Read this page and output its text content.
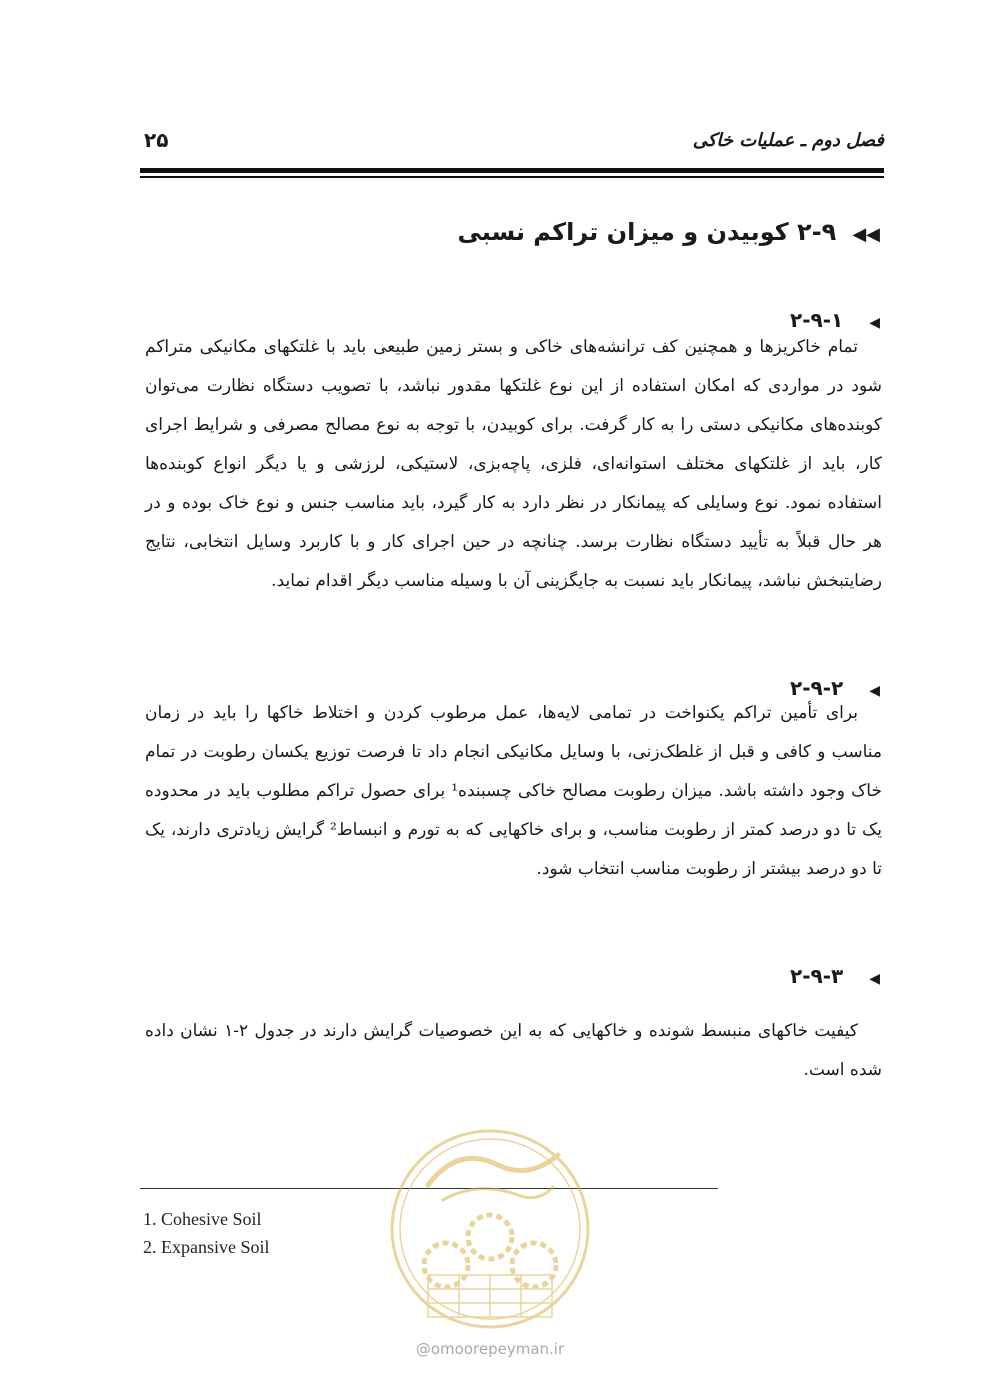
فصل دوم ـ عملیات خاکی
۲۵
◀◀۲-۹ کوبیدن و میزان تراکم نسبی
◀۲-۹-۱

تمام خاکریزها و همچنین کف ترانشه‌های خاکی و بستر زمین طبیعی باید با غلتکهای مکانیکی متراکم شود در مواردی که امکان استفاده از این نوع غلتکها مقدور نباشد، با تصویب دستگاه نظارت می‌توان کوبنده‌های مکانیکی دستی را به کار گرفت. برای کوبیدن، با توجه به نوع مصالح مصرفی و شرایط اجرای کار، باید از غلتکهای مختلف استوانه‌ای، فلزی، پاچه‌بزی، لاستیکی، لرزشی و یا دیگر انواع کوبنده‌ها استفاده نمود. نوع وسایلی که پیمانکار در نظر دارد به کار گیرد، باید مناسب جنس و نوع خاک بوده و در هر حال قبلاً به تأیید دستگاه نظارت برسد. چنانچه در حین اجرای کار و با کاربرد وسایل انتخابی، نتایج رضایتبخش نباشد، پیمانکار باید نسبت به جایگزینی آن با وسیله مناسب دیگر اقدام نماید.

◀۲-۹-۲

برای تأمین تراکم یکنواخت در تمامی لایه‌ها، عمل مرطوب کردن و اختلاط خاکها را باید در زمان مناسب و کافی و قبل از غلطک‌زنی، با وسایل مکانیکی انجام داد تا فرصت توزیع یکسان رطوبت در تمام خاک وجود داشته باشد. میزان رطوبت مصالح خاکی چسبنده¹ برای حصول تراکم مطلوب باید در محدوده یک تا دو درصد کمتر از رطوبت مناسب، و برای خاکهایی که به تورم و انبساط² گرایش زیادتری دارند، یک تا دو درصد بیشتر از رطوبت مناسب انتخاب شود.

◀۲-۹-۳

کیفیت خاکهای منبسط شونده و خاکهایی که به این خصوصیات گرایش دارند در جدول ۲-۱ نشان داده شده است.

1. Cohesive Soil
2. Expansive Soil
@omoorepeyman.ir
